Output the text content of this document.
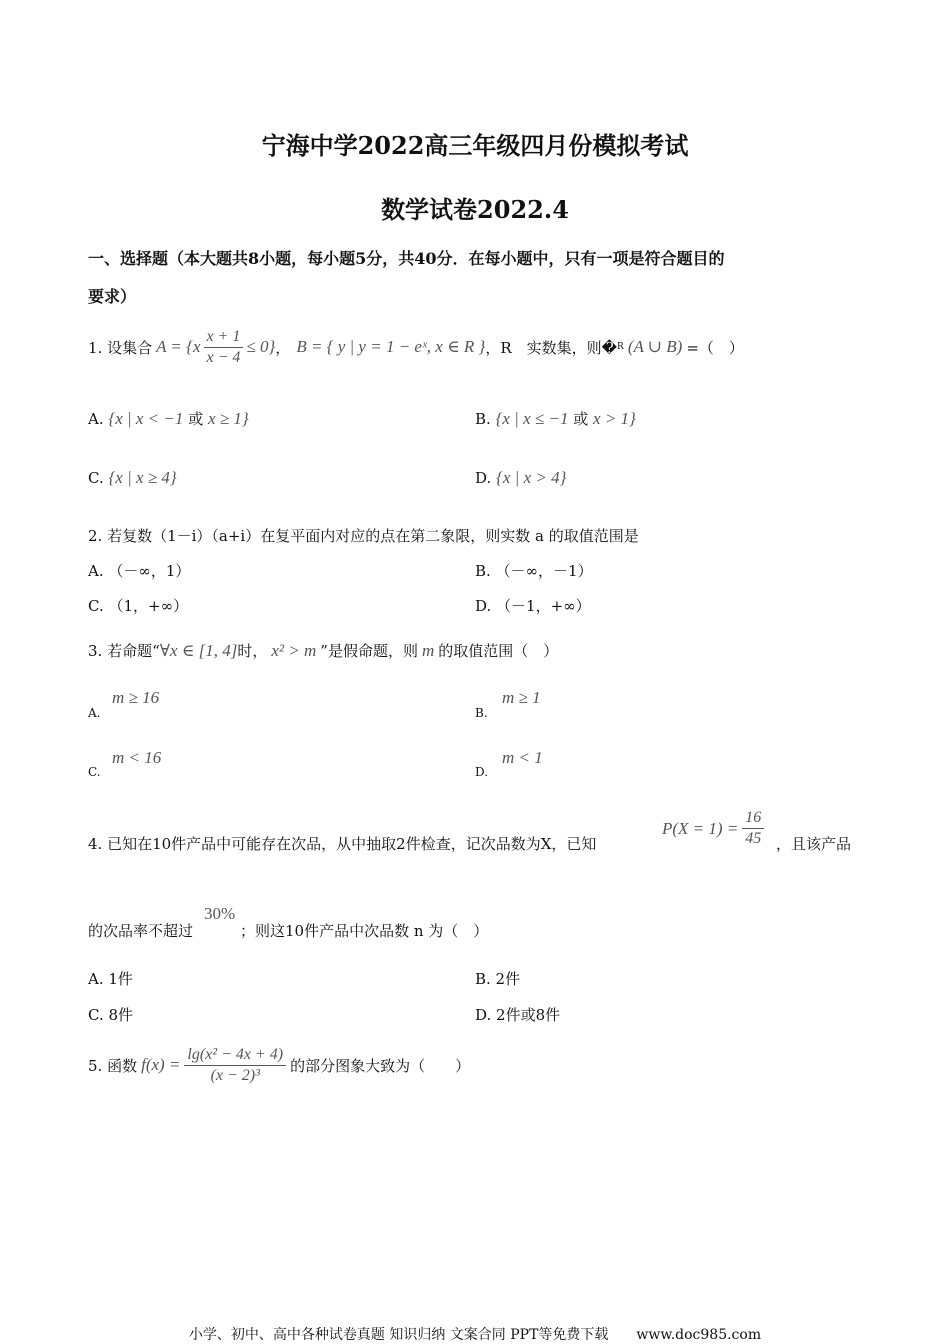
宁海中学2022高三年级四月份模拟考试
数学试卷2022.4
一、选择题（本大题共8小题，每小题5分，共40分．在每小题中，只有一项是符合题目的
要求）
1. 设集合 $A = \{x \frac{x + 1}{x - 4} \le 0\}$ ， B = { y | y = 1 − eˣ, x ∈ R } ，R　实数集，则� R (A ∪ B) =（　）
A. {x | x < −1 或 x ≥ 1}	B. {x | x ≤ −1 或 x > 1}
C. {x | x ≥ 4}	D. {x | x > 4}
2. 若复数（1－i）（a+i）在复平面内对应的点在第二象限，则实数 a 的取值范围是
A. （－∞，1）	B. （－∞，－1）
C. （1，+∞）	D. （－1，+∞）
3. 若命题“∀x ∈ [1, 4]时， x² > m ”是假命题，则 m 的取值范围（　）
m ≥ 16
A.
m ≥ 1
B.
m < 16
C.
m < 1
D.
4. 已知在10件产品中可能存在次品，从中抽取2件检查，记次品数为X，已知
$P(X = 1) = \frac{16}{45}$ ，且该产品
的次品率不超过
30%
；则这10件产品中次品数 n 为（　）
A. 1件	B. 2件
C. 8件	D. 2件或8件
5. 函数 $f(x) = \frac{\text{lg(x² − 4x + 4)}}{\text{(x − 2)³}}$ 的部分图象大致为（　　）
小学、初中、高中各种试卷真题 知识归纳 文案合同 PPT等免费下载　　www.doc985.com
